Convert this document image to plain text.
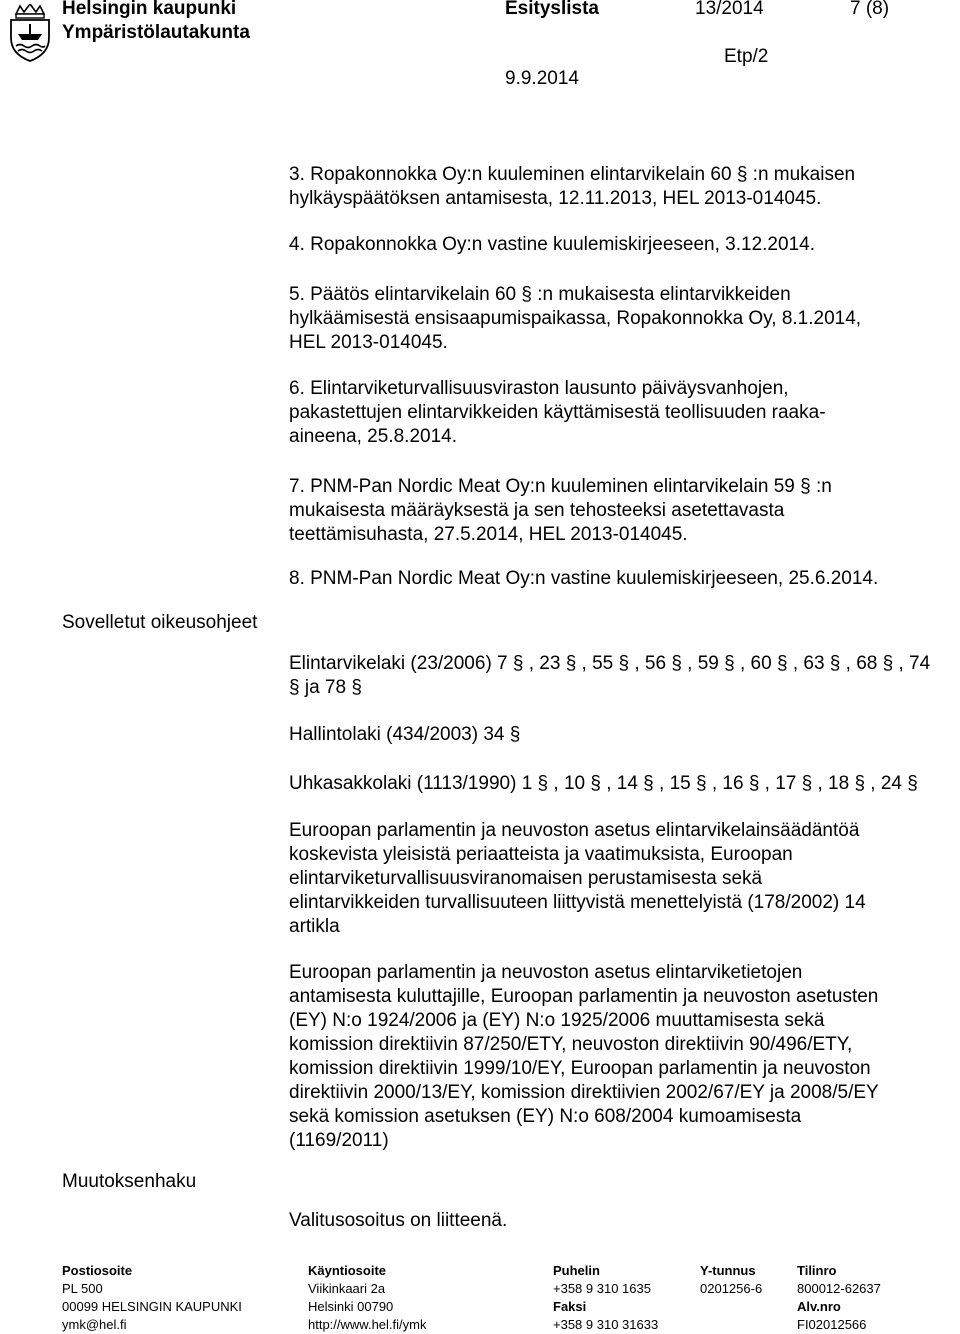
Helsingin kaupunki
Ympäristölautakunta
Esityslista	13/2014	7 (8)
Etp/2
9.9.2014
3. Ropakonnokka Oy:n kuuleminen elintarvikelain 60 § :n mukaisen
hylkäyspäätöksen antamisesta, 12.11.2013, HEL 2013-014045.
4. Ropakonnokka Oy:n vastine kuulemiskirjeeseen, 3.12.2014.
5. Päätös elintarvikelain 60 § :n mukaisesta elintarvikkeiden
hylkäämisestä ensisaapumispaikassa, Ropakonnokka Oy, 8.1.2014,
HEL 2013-014045.
6. Elintarviketurvallisuusviraston lausunto päiväysvanhojen,
pakastettujen elintarvikkeiden käyttämisestä teollisuuden raaka-
aineena, 25.8.2014.
7. PNM-Pan Nordic Meat Oy:n kuuleminen elintarvikelain 59 § :n
mukaisesta määräyksestä ja sen tehosteeksi asetettavasta
teettämisuhasta, 27.5.2014, HEL 2013-014045.
8. PNM-Pan Nordic Meat Oy:n vastine kuulemiskirjeeseen, 25.6.2014.
Sovelletut oikeusohjeet
Elintarvikelaki (23/2006) 7 § , 23 § , 55 § , 56 § , 59 § , 60 § , 63 § , 68 § , 74
§ ja 78 §
Hallintolaki (434/2003) 34 §
Uhkasakkolaki (1113/1990) 1 § , 10 § , 14 § , 15 § , 16 § , 17 § , 18 § , 24 §
Euroopan parlamentin ja neuvoston asetus elintarvikelainsäädäntöä
koskevista yleisistä periaatteista ja vaatimuksista, Euroopan
elintarviketurvallisuusviranomaisen perustamisesta sekä
elintarvikkeiden turvallisuuteen liittyvistä menettelyistä (178/2002) 14
artikla
Euroopan parlamentin ja neuvoston asetus elintarviketietojen
antamisesta kuluttajille, Euroopan parlamentin ja neuvoston asetusten
(EY) N:o 1924/2006 ja (EY) N:o 1925/2006 muuttamisesta sekä
komission direktiivin 87/250/ETY, neuvoston direktiivin 90/496/ETY,
komission direktiivin 1999/10/EY, Euroopan parlamentin ja neuvoston
direktiivin 2000/13/EY, komission direktiivien 2002/67/EY ja 2008/5/EY
sekä komission asetuksen (EY) N:o 608/2004 kumoamisesta
(1169/2011)
Muutoksenhaku
Valitusosoitus on liitteenä.
Postiosoite
PL 500
00099 HELSINGIN KAUPUNKI
ymk@hel.fi
Käyntiosoite
Viikinkaari 2a
Helsinki 00790
http://www.hel.fi/ymk
Puhelin
+358 9 310 1635
Faksi
+358 9 310 31633
Y-tunnus
0201256-6
Tilinro
800012-62637
Alv.nro
FI02012566
